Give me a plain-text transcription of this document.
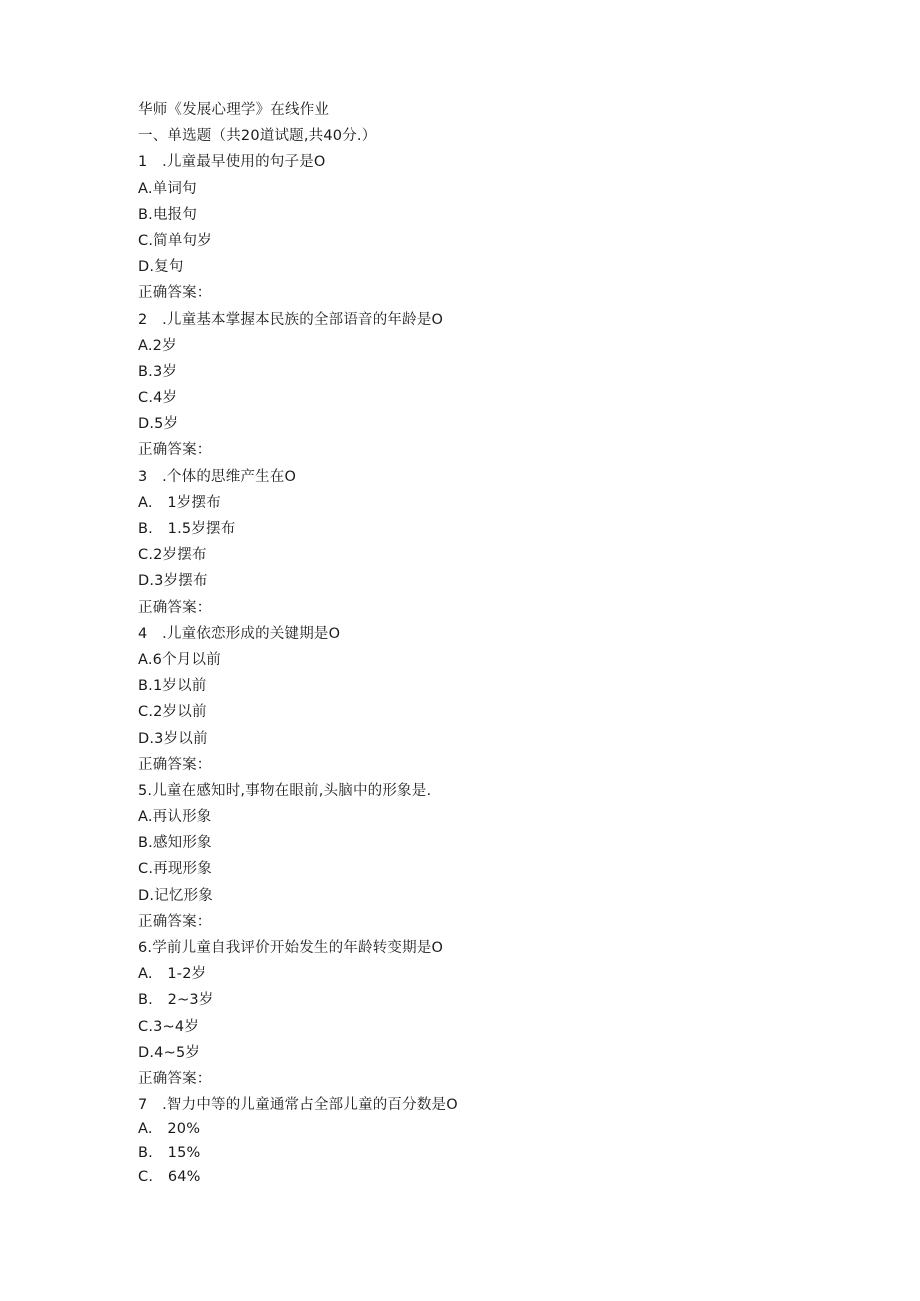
华师《发展心理学》在线作业
一、单选题（共20道试题,共40分.）
1　.儿童最早使用的句子是O
A.单词句
B.电报句
C.简单句岁
D.复句
正确答案：
2　.儿童基本掌握本民族的全部语音的年龄是O
A.2岁
B.3岁
C.4岁
D.5岁
正确答案：
3　.个体的思维产生在O
A.　1岁摆布
B.　1.5岁摆布
C.2岁摆布
D.3岁摆布
正确答案：
4　.儿童依恋形成的关键期是O
A.6个月以前
B.1岁以前
C.2岁以前
D.3岁以前
正确答案：
5.儿童在感知时,事物在眼前,头脑中的形象是.
A.再认形象
B.感知形象
C.再现形象
D.记忆形象
正确答案：
6.学前儿童自我评价开始发生的年龄转变期是O
A.　1-2岁
B.　2~3岁
C.3~4岁
D.4~5岁
正确答案：
7　.智力中等的儿童通常占全部儿童的百分数是O
A.　20%
B.　15%
C.　64%
